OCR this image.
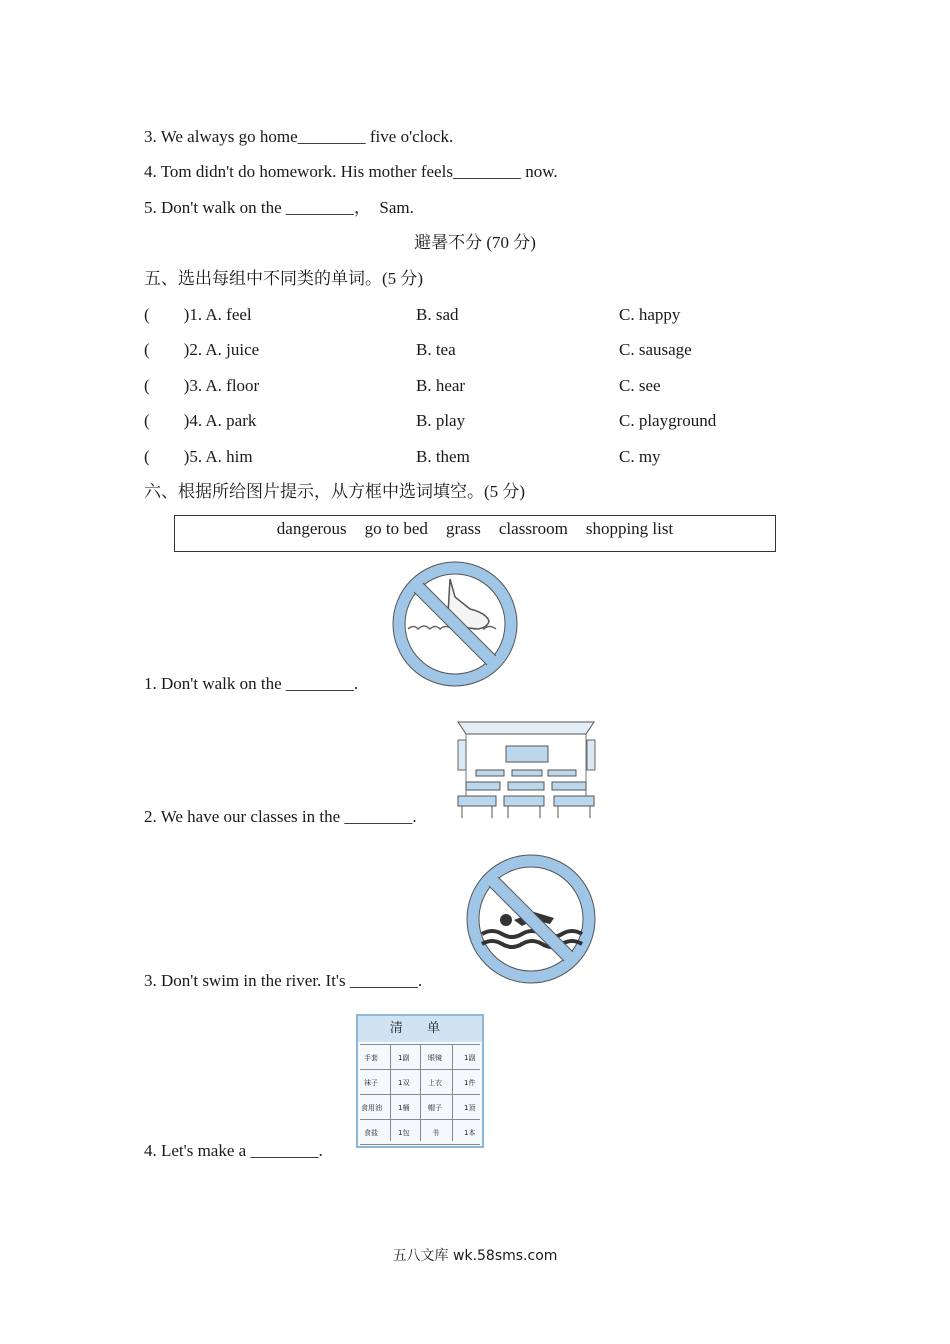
3. We always go home________ five o'clock.
4. Tom didn't do homework. His mother feels________ now.
5. Don't walk on the ________，  Sam.
避暑不分 (70 分)
五、选出每组中不同类的单词。(5 分)
(        )1. A. feel	B. sad	C. happy
(        )2. A. juice	B. tea	C. sausage
(        )3. A. floor	B. hear	C. see
(        )4. A. park	B. play	C. playground
(        )5. A. him	B. them	C. my
六、根据所给图片提示，从方框中选词填空。(5 分)
dangerous go to bed grass classroom shopping list
1. Don't walk on the ________.
2. We have our classes in the ________.
3. Don't swim in the river. It's ________.
清 单
手套	1副	眼镜	1副
袜子	1双	上衣	1件
食用油 1桶	帽子	1顶
食盐	1包	书	1本
4. Let's make a ________.
五八文库 wk.58sms.com
